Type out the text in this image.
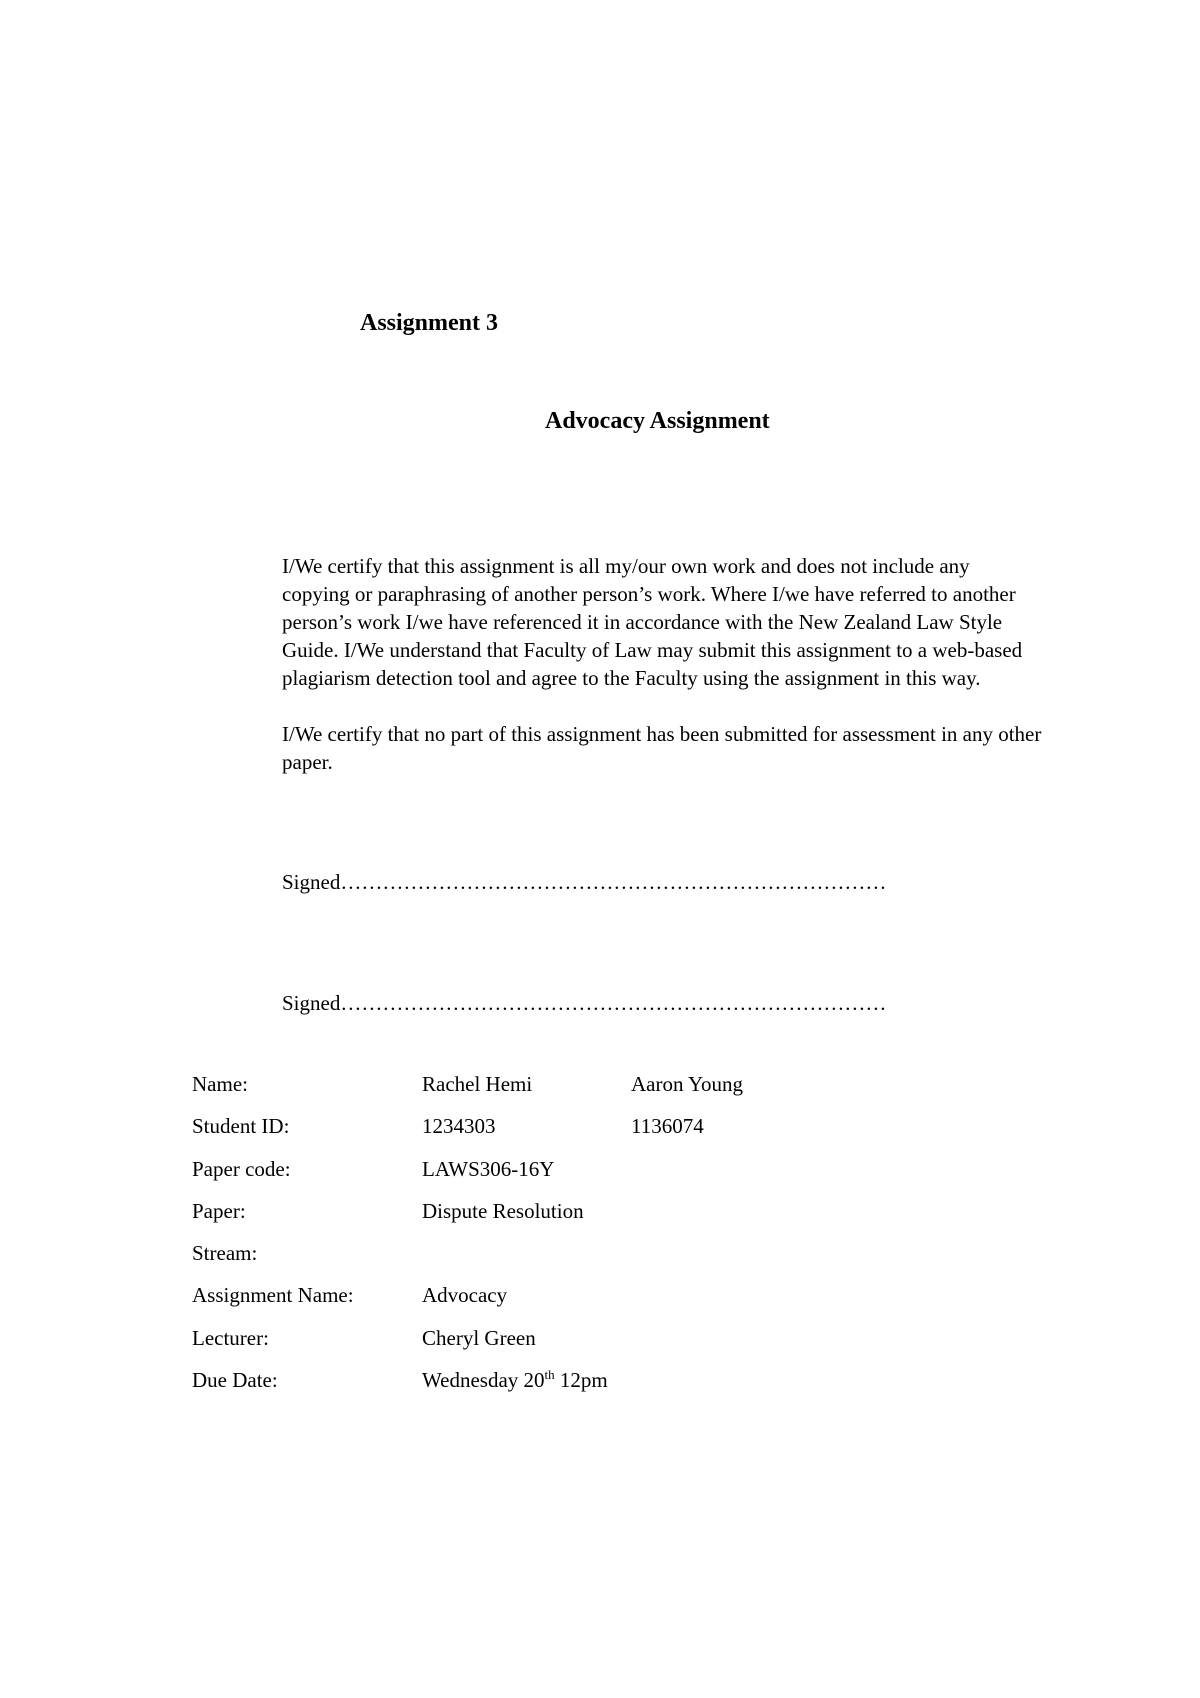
Assignment 3
Advocacy Assignment

I/We certify that this assignment is all my/our own work and does not include any copying or paraphrasing of another person’s work. Where I/we have referred to another person’s work I/we have referenced it in accordance with the New Zealand Law Style Guide. I/We understand that Faculty of Law may submit this assignment to a web-based plagiarism detection tool and agree to the Faculty using the assignment in this way.

I/We certify that no part of this assignment has been submitted for assessment in any other paper.

Signed……………………………………………………………………
Signed……………………………………………………………………
Name:	Rachel Hemi	Aaron Young
Student ID:	1234303	1136074
Paper code:	LAWS306-16Y
Paper:	Dispute Resolution
Stream:
Assignment Name:	Advocacy
Lecturer:	Cheryl Green
Due Date:	Wednesday 20th 12pm
